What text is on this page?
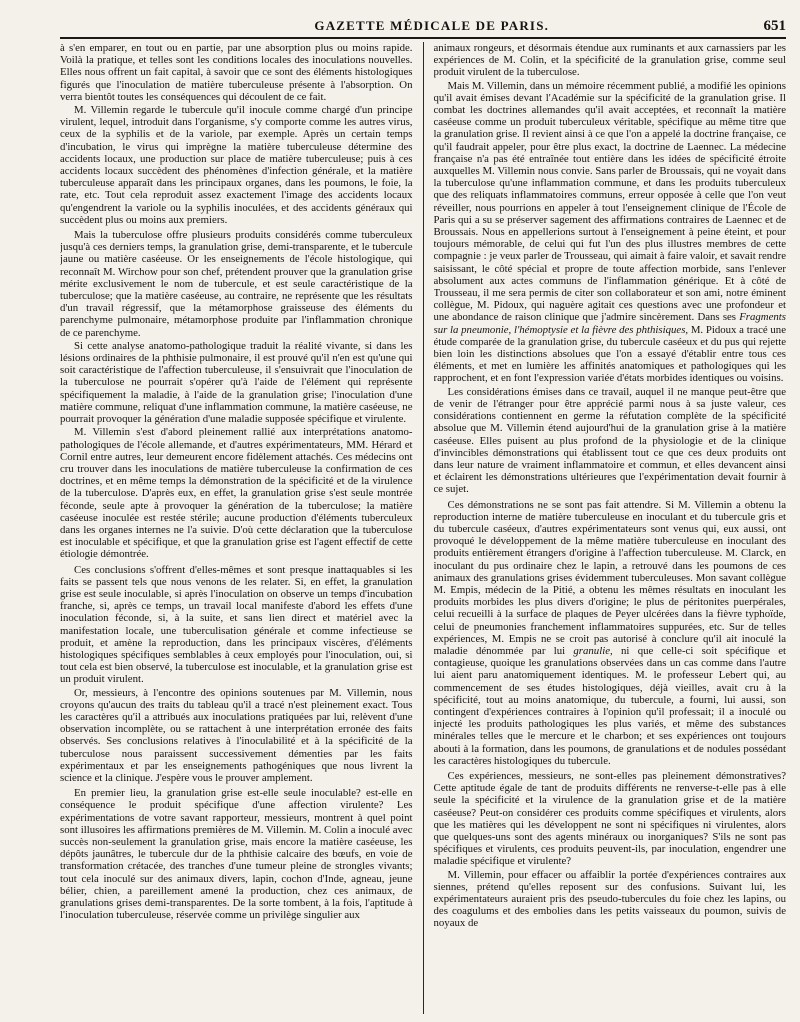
GAZETTE MÉDICALE DE PARIS.	651

à s'en emparer, en tout ou en partie, par une absorption plus ou moins rapide. Voilà la pratique, et telles sont les conditions locales des inoculations nouvelles. Elles nous offrent un fait capital, à savoir que ce sont des éléments histologiques figurés que l'inoculation de matière tuberculeuse présente à l'absorption. On verra bientôt toutes les conséquences qui découlent de ce fait.

M. Villemin regarde le tubercule qu'il inocule comme chargé d'un principe virulent, lequel, introduit dans l'organisme, s'y comporte comme les autres virus, ceux de la syphilis et de la variole, par exemple. Après un certain temps d'incubation, le virus qui imprègne la matière tuberculeuse détermine des accidents locaux, une production sur place de matière tuberculeuse; puis à ces accidents locaux succèdent des phénomènes d'infection générale, et la matière tuberculeuse apparaît dans les principaux organes, dans les poumons, le foie, la rate, etc. Tout cela reproduit assez exactement l'image des accidents locaux qu'engendrent la variole ou la syphilis inoculées, et des accidents généraux qui succèdent plus ou moins aux premiers.

Mais la tuberculose offre plusieurs produits considérés comme tuberculeux jusqu'à ces derniers temps, la granulation grise, demi-transparente, et le tubercule jaune ou matière caséeuse. Or les enseignements de l'école histologique, qui reconnaît M. Wirchow pour son chef, prétendent prouver que la granulation grise mérite exclusivement le nom de tubercule, et est seule caractéristique de la tuberculose; que la matière caséeuse, au contraire, ne représente que les résultats d'un travail régressif, que la métamorphose graisseuse des éléments du parenchyme pulmonaire, métamorphose produite par l'inflammation chronique de ce parenchyme.

Si cette analyse anatomo-pathologique traduit la réalité vivante, si dans les lésions ordinaires de la phthisie pulmonaire, il est prouvé qu'il n'en est qu'une qui soit caractéristique de l'affection tuberculeuse, il s'ensuivrait que l'inoculation de la tuberculose ne pourrait s'opérer qu'à l'aide de l'élément qui représente spécifiquement la maladie, à l'aide de la granulation grise; l'inoculation d'une matière commune, reliquat d'une inflammation commune, la matière caséeuse, ne pourrait provoquer la génération d'une maladie supposée spécifique et virulente.

M. Villemin s'est d'abord pleinement rallié aux interprétations anatomo-pathologiques de l'école allemande, et d'autres expérimentateurs, MM. Hérard et Cornil entre autres, leur demeurent encore fidèlement attachés. Ces médecins ont cru trouver dans les inoculations de matière tuberculeuse la confirmation de ces doctrines, et en même temps la démonstration de la spécificité et de la virulence de la tuberculose. D'après eux, en effet, la granulation grise s'est seule montrée féconde, seule apte à provoquer la génération de la tuberculose; la matière caséeuse inoculée est restée stérile; aucune production d'éléments tuberculeux dans les organes internes ne l'a suivie. D'où cette déclaration que la tuberculose est inoculable et spécifique, et que la granulation grise est l'agent effectif de cette étiologie démontrée.

Ces conclusions s'offrent d'elles-mêmes et sont presque inattaquables si les faits se passent tels que nous venons de les relater. Si, en effet, la granulation grise est seule inoculable, si après l'inoculation on observe un temps d'incubation franche, si, après ce temps, un travail local manifeste d'abord les effets d'une inoculation féconde, si, à la suite, et sans lien direct et matériel avec la manifestation locale, une tuberculisation générale et comme infectieuse se produit, et amène la reproduction, dans les principaux viscères, d'éléments histologiques spécifiques semblables à ceux employés pour l'inoculation, oui, si tout cela est bien observé, la tuberculose est inoculable, et la granulation grise est un produit virulent.

Or, messieurs, à l'encontre des opinions soutenues par M. Villemin, nous croyons qu'aucun des traits du tableau qu'il a tracé n'est pleinement exact. Tous les caractères qu'il a attribués aux inoculations pratiquées par lui, relèvent d'une observation incomplète, ou se rattachent à une interprétation erronée des faits observés. Ses conclusions relatives à l'inoculabilité et à la spécificité de la tuberculose nous paraissent successivement démenties par les faits expérimentaux et par les enseignements pathogéniques que nous livrent la science et la clinique. J'espère vous le prouver amplement.

En premier lieu, la granulation grise est-elle seule inoculable? est-elle en conséquence le produit spécifique d'une affection virulente? Les expérimentations de votre savant rapporteur, messieurs, montrent à quel point sont illusoires les affirmations premières de M. Villemin. M. Colin a inoculé avec succès non-seulement la granulation grise, mais encore la matière caséeuse, les dépôts jaunâtres, le tubercule dur de la phthisie calcaire des bœufs, en voie de transformation crétacée, des tranches d'une tumeur pleine de strongles vivants; tout cela inoculé sur des animaux divers, lapin, cochon d'Inde, agneau, jeune bélier, chien, a pareillement amené la production, chez ces animaux, de granulations grises demi-transparentes. De la sorte tombent, à la fois, l'aptitude à l'inoculation tuberculeuse, réservée comme un privilège singulier aux

animaux rongeurs, et désormais étendue aux ruminants et aux carnassiers par les expériences de M. Colin, et la spécificité de la granulation grise, comme seul produit virulent de la tuberculose.

Mais M. Villemin, dans un mémoire récemment publié, a modifié les opinions qu'il avait émises devant l'Académie sur la spécificité de la granulation grise. Il combat les doctrines allemandes qu'il avait acceptées, et reconnaît la matière caséeuse comme un produit tuberculeux véritable, spécifique au même titre que la granulation grise. Il revient ainsi à ce que l'on a appelé la doctrine française, ce qu'il faudrait appeler, pour être plus exact, la doctrine de Laennec. La médecine française n'a pas été entraînée tout entière dans les idées de spécificité étroite auxquelles M. Villemin nous convie. Sans parler de Broussais, qui ne voyait dans la tuberculose qu'une inflammation commune, et dans les produits tuberculeux que des reliquats inflammatoires communs, erreur opposée à celle que l'on veut réveiller, nous pourrions en appeler à tout l'enseignement clinique de l'École de Paris qui a su se préserver sagement des affirmations contraires de Laennec et de Broussais. Nous en appellerions surtout à l'enseignement à peine éteint, et pour toujours mémorable, de celui qui fut l'un des plus illustres membres de cette compagnie : je veux parler de Trousseau, qui aimait à faire valoir, et savait rendre saisissant, le côté spécial et propre de toute affection morbide, sans l'enlever absolument aux actes communs de l'inflammation générique. Et à côté de Trousseau, il me sera permis de citer son collaborateur et son ami, notre éminent collègue, M. Pidoux, qui naguère agitait ces questions avec une profondeur et une abondance de raison clinique que j'admire sincèrement. Dans ses Fragments sur la pneumonie, l'hémoptysie et la fièvre des phthisiques, M. Pidoux a tracé une étude comparée de la granulation grise, du tubercule caséeux et du pus qui rejette bien loin les distinctions absolues que l'on a essayé d'établir entre tous ces éléments, et met en lumière les affinités anatomiques et pathologiques qui les rapprochent, et en font l'expression variée d'états morbides identiques ou voisins.

Les considérations émises dans ce travail, auquel il ne manque peut-être que de venir de l'étranger pour être apprécié parmi nous à sa juste valeur, ces considérations contiennent en germe la réfutation complète de la spécificité absolue que M. Villemin étend aujourd'hui de la granulation grise à la matière caséeuse. Elles puisent au plus profond de la physiologie et de la clinique d'invincibles démonstrations qui établissent tout ce que ces deux produits ont dans leur nature de vraiment inflammatoire et commun, et elles devancent ainsi et éclairent les démonstrations ultérieures que l'expérimentation devait fournir à ce sujet.

Ces démonstrations ne se sont pas fait attendre. Si M. Villemin a obtenu la reproduction interne de matière tuberculeuse en inoculant et du tubercule gris et du tubercule caséeux, d'autres expérimentateurs sont venus qui, eux aussi, ont provoqué le développement de la même matière tuberculeuse en inoculant des produits entièrement étrangers d'origine à l'affection tuberculeuse. M. Clarck, en inoculant du pus ordinaire chez le lapin, a retrouvé dans les poumons de ces animaux des granulations grises évidemment tuberculeuses. Mon savant collègue M. Empis, médecin de la Pitié, a obtenu les mêmes résultats en inoculant les produits morbides les plus divers d'origine; le plus de péritonites puerpérales, celui recueilli à la surface de plaques de Peyer ulcérées dans la fièvre typhoïde, celui de pneumonies franchement inflammatoires suppurées, etc. Sur de telles expériences, M. Empis ne se croit pas autorisé à conclure qu'il ait inoculé la maladie dénommée par lui granulie, ni que celle-ci soit spécifique et contagieuse, quoique les granulations observées dans un cas comme dans l'autre lui aient paru anatomiquement identiques. M. le professeur Lebert qui, au commencement de ses études histologiques, déjà vieilles, avait cru à la spécificité, tout au moins anatomique, du tubercule, a fourni, lui aussi, son contingent d'expériences contraires à l'opinion qu'il professait; il a inoculé ou injecté les produits pathologiques les plus variés, et même des substances minérales telles que le mercure et le charbon; et ses expériences ont toujours abouti à la formation, dans les poumons, de granulations et de nodules possédant les caractères histologiques du tubercule.

Ces expériences, messieurs, ne sont-elles pas pleinement démonstratives? Cette aptitude égale de tant de produits différents ne renverse-t-elle pas à elle seule la spécificité et la virulence de la granulation grise et de la matière caséeuse? Peut-on considérer ces produits comme spécifiques et virulents, alors que les matières qui les développent ne sont ni spécifiques ni virulentes, alors que quelques-uns sont des agents minéraux ou inorganiques? S'ils ne sont pas spécifiques et virulents, ces produits peuvent-ils, par inoculation, engendrer une maladie spécifique et virulente?

M. Villemin, pour effacer ou affaiblir la portée d'expériences contraires aux siennes, prétend qu'elles reposent sur des confusions. Suivant lui, les expérimentateurs auraient pris des pseudo-tubercules du foie chez les lapins, ou des coagulums et des embolies dans les petits vaisseaux du poumon, suivis de noyaux de
